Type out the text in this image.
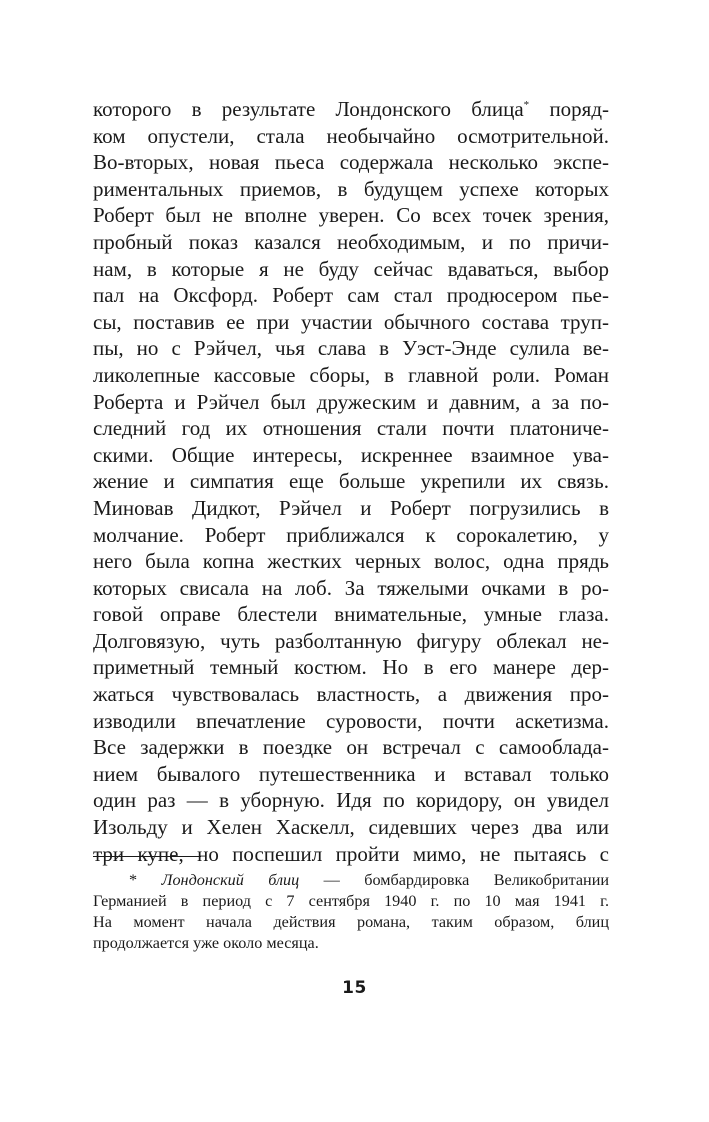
которого в результате Лондонского блица* поряд-
ком опустели, стала необычайно осмотрительной.
Во-вторых, новая пьеса содержала несколько экспе-
риментальных приемов, в будущем успехе которых
Роберт был не вполне уверен. Со всех точек зрения,
пробный показ казался необходимым, и по причи-
нам, в которые я не буду сейчас вдаваться, выбор
пал на Оксфорд. Роберт сам стал продюсером пье-
сы, поставив ее при участии обычного состава труп-
пы, но с Рэйчел, чья слава в Уэст-Энде сулила ве-
ликолепные кассовые сборы, в главной роли. Роман
Роберта и Рэйчел был дружеским и давним, а за по-
следний год их отношения стали почти платониче-
скими. Общие интересы, искреннее взаимное ува-
жение и симпатия еще больше укрепили их связь.
Миновав Дидкот, Рэйчел и Роберт погрузились в
молчание. Роберт приближался к сорокалетию, у
него была копна жестких черных волос, одна прядь
которых свисала на лоб. За тяжелыми очками в ро-
говой оправе блестели внимательные, умные глаза.
Долговязую, чуть разболтанную фигуру облекал не-
приметный темный костюм. Но в его манере дер-
жаться чувствовалась властность, а движения про-
изводили впечатление суровости, почти аскетизма.
Все задержки в поездке он встречал с самооблада-
нием бывалого путешественника и вставал только
один раз — в уборную. Идя по коридору, он увидел
Изольду и Хелен Хаскелл, сидевших через два или
три купе, но поспешил пройти мимо, не пытаясь с
* Лондонский блиц — бомбардировка Великобритании
Германией в период с 7 сентября 1940 г. по 10 мая 1941 г.
На момент начала действия романа, таким образом, блиц
продолжается уже около месяца.
15
